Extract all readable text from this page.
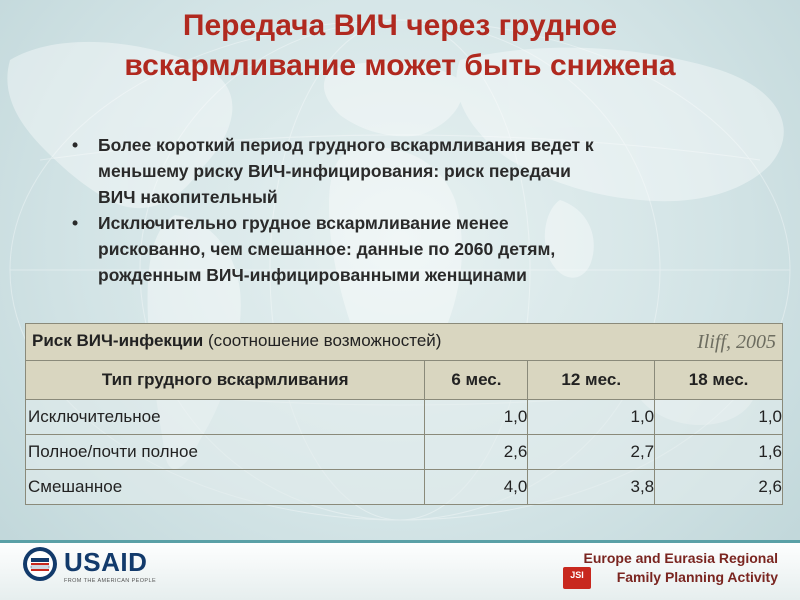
Передача ВИЧ через грудное
вскармливание может быть снижена
• Более короткий период грудного вскармливания ведет к
меньшему риску ВИЧ-инфицирования: риск передачи
ВИЧ накопительный
• Исключительно грудное вскармливание менее
рискованно, чем смешанное: данные по 2060 детям,
рожденным ВИЧ-инфицированными женщинами
Риск ВИЧ-инфекции (соотношение возможностей) Iliff, 2005			

Тип грудного вскармливания	6 мес.	12 мес.	18 мес.
Исключительное	1,0	1,0	1,0
Полное/почти полное	2,6	2,7	1,6
Смешанное	4,0	3,8	2,6
USAID
FROM THE AMERICAN PEOPLE
Europe and Eurasia Regional
JSI	Family Planning Activity
